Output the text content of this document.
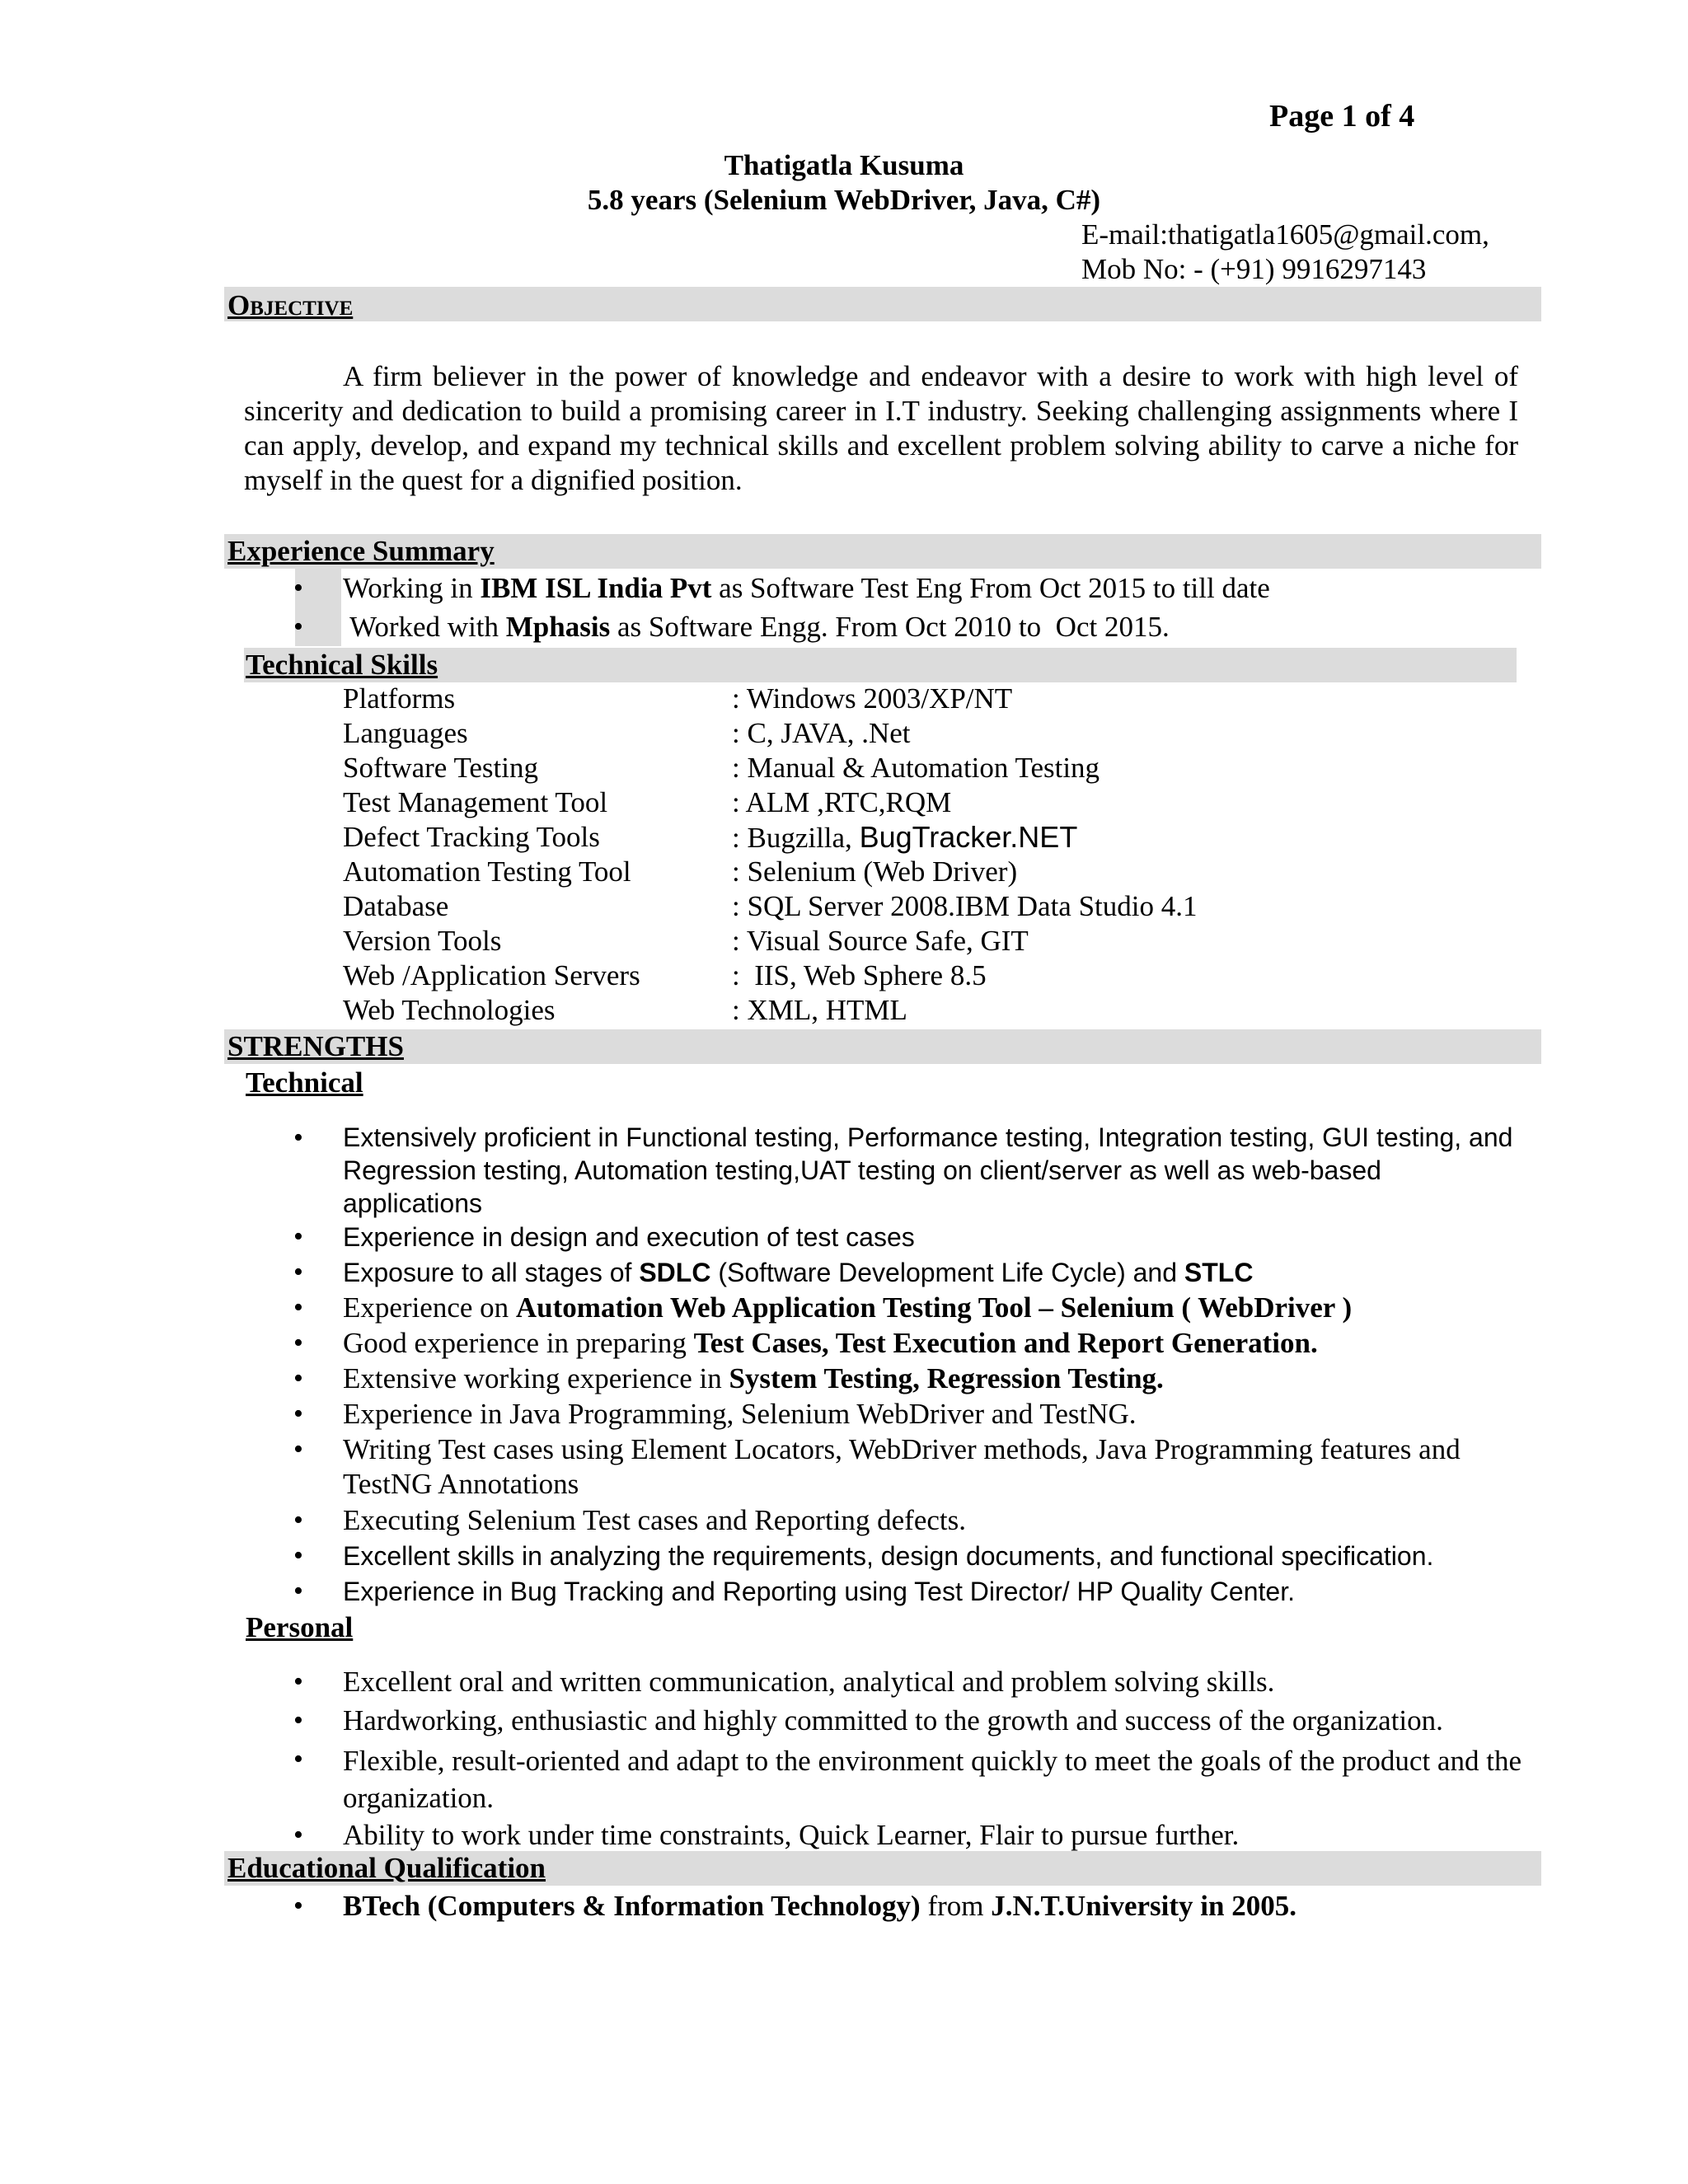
Page 1 of 4
Thatigatla Kusuma
5.8 years (Selenium WebDriver, Java, C#)
E-mail:thatigatla1605@gmail.com,
Mob No: - (+91) 9916297143
Objective
A firm believer in the power of knowledge and endeavor with a desire to work with high level of sincerity and dedication to build a promising career in I.T industry. Seeking challenging assignments where I can apply, develop, and expand my technical skills and excellent problem solving ability to carve a niche for myself in the quest for a dignified position.
Experience Summary
• Working in IBM ISL India Pvt as Software Test Eng From Oct 2015 to till date
• Worked with Mphasis as Software Engg. From Oct 2010 to  Oct 2015.
Technical Skills
Platforms	: Windows 2003/XP/NT
Languages	: C, JAVA, .Net
Software Testing	: Manual & Automation Testing
Test Management Tool	: ALM ,RTC,RQM
Defect Tracking Tools	: Bugzilla, BugTracker.NET
Automation Testing Tool	: Selenium (Web Driver)
Database	: SQL Server 2008.IBM Data Studio 4.1
Version Tools	: Visual Source Safe, GIT
Web /Application Servers	:  IIS, Web Sphere 8.5
Web Technologies	: XML, HTML
STRENGTHS
Technical
• Extensively proficient in Functional testing, Performance testing, Integration testing, GUI testing, and Regression testing, Automation testing,UAT testing on client/server as well as web-based applications
• Experience in design and execution of test cases
• Exposure to all stages of SDLC (Software Development Life Cycle) and STLC
• Experience on Automation Web Application Testing Tool – Selenium ( WebDriver )
• Good experience in preparing Test Cases, Test Execution and Report Generation.
• Extensive working experience in System Testing, Regression Testing.
• Experience in Java Programming, Selenium WebDriver and TestNG.
• Writing Test cases using Element Locators, WebDriver methods, Java Programming features and TestNG Annotations
• Executing Selenium Test cases and Reporting defects.
• Excellent skills in analyzing the requirements, design documents, and functional specification.
• Experience in Bug Tracking and Reporting using Test Director/ HP Quality Center.
Personal
• Excellent oral and written communication, analytical and problem solving skills.
• Hardworking, enthusiastic and highly committed to the growth and success of the organization.
• Flexible, result-oriented and adapt to the environment quickly to meet the goals of the product and the organization.
• Ability to work under time constraints, Quick Learner, Flair to pursue further.
Educational Qualification
• BTech (Computers & Information Technology) from J.N.T.University in 2005.
